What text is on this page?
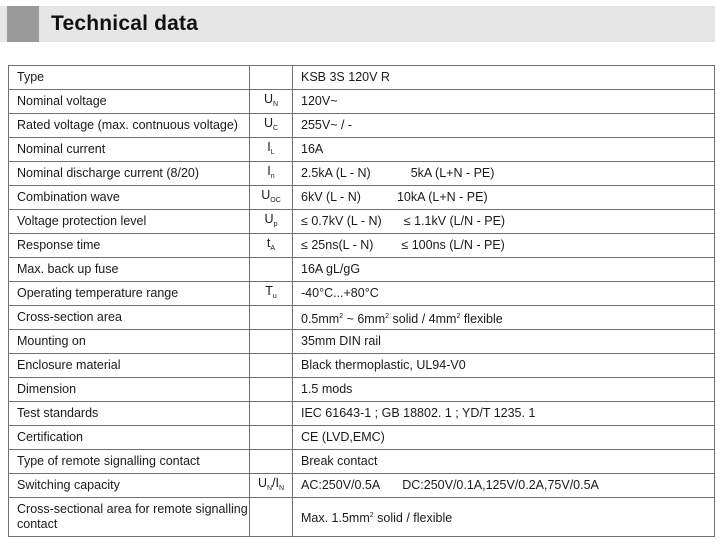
Technical data
Type		KSB 3S 120V R
Nominal voltage	$U_N$	120V~
Rated voltage (max. contnuous voltage)	$U_C$	255V~ / -
Nominal current	$I_L$	16A
Nominal discharge current (8/20)	$I_n$	2.5kA (L - N) 5kA (L+N - PE)
Combination wave	$U_{OC}$	6kV (L - N) 10kA (L+N - PE)
Voltage protection level	$U_p$	≤ 0.7kV (L - N) ≤ 1.1kV (L/N - PE)
Response time	$t_A$	≤ 25ns(L - N) ≤ 100ns (L/N - PE)
Max. back up fuse		16A gL/gG
Operating temperature range	$T_u$	-40°C...+80°C
Cross-section area		$0.5mm^2$ ~ $6mm^2$ solid / $4mm^2$ flexible
Mounting on		35mm DIN rail
Enclosure material		Black thermoplastic, UL94-V0
Dimension		1.5 mods
Test standards		IEC 61643-1 ; GB 18802. 1 ; YD/T 1235. 1
Certification		CE (LVD,EMC)
Type of remote signalling contact		Break contact
Switching capacity	$U_N/I_N$	AC:250V/0.5A DC:250V/0.1A,125V/0.2A,75V/0.5A
Cross-sectional area for remote signalling contact		Max. $1.5mm^2$ solid / flexible
